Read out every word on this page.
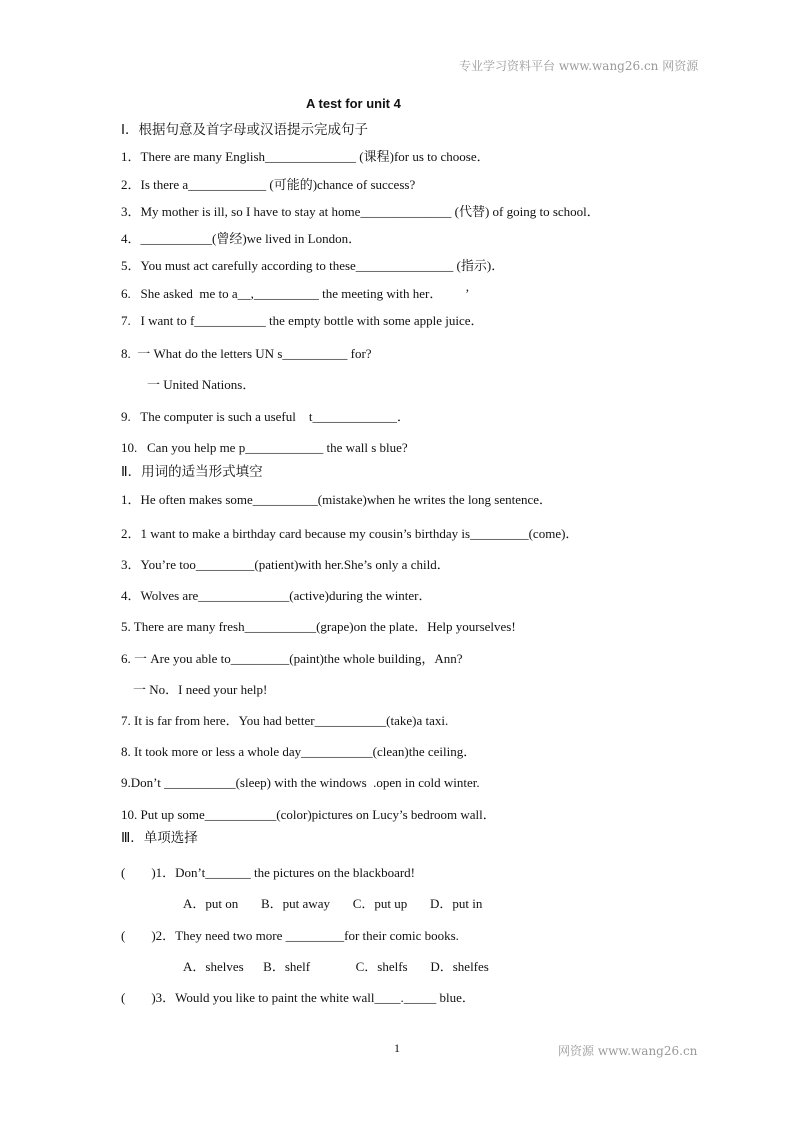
专业学习资料平台 www.wang26.cn 网资源
A test for unit 4
Ⅰ．根据句意及首字母或汉语提示完成句子
1．There are many English______________ (课程)for us to choose．
2．Is there a____________ (可能的)chance of success?
3．My mother is ill, so I have to stay at home______________ (代替) of going to school．
4．___________(曾经)we lived in London．
5．You must act carefully according to these_______________ (指示)．
6.   She asked  me to a__,__________ the meeting with her．       ’
7.   I want to f___________ the empty bottle with some apple juice．
8.  一 What do the letters UN s__________ for?
一 United Nations．
9.   The computer is such a useful    t_____________．
10.   Can you help me p____________ the wall s blue?
Ⅱ．用词的适当形式填空
1．He often makes some__________(mistake)when he writes the long sentence．
2．1 want to make a birthday card because my cousin’s birthday is_________(come)．
3．You’re too_________(patient)with her.She’s only a child．
4．Wolves are______________(active)during the winter．
5. There are many fresh___________(grape)on the plate．Help yourselves!
6. 一 Are you able to_________(paint)the whole building，Ann?
一 No．I need your help!
7. It is far from here．You had better___________(take)a taxi.
8. It took more or less a whole day___________(clean)the ceiling．
9.Don’t ___________(sleep) with the windows  .open in cold winter.
10. Put up some___________(color)pictures on Lucy’s bedroom wall．
Ⅲ．单项选择
(        )1．Don’t_______ the pictures on the blackboard!
A．put on       B．put away       C．put up       D．put in
(        )2．They need two more _________for their comic books.
A．shelves      B．shelf              C．shelfs       D．shelfes
(        )3．Would you like to paint the white wall____._____ blue．
1	网资源 www.wang26.cn
